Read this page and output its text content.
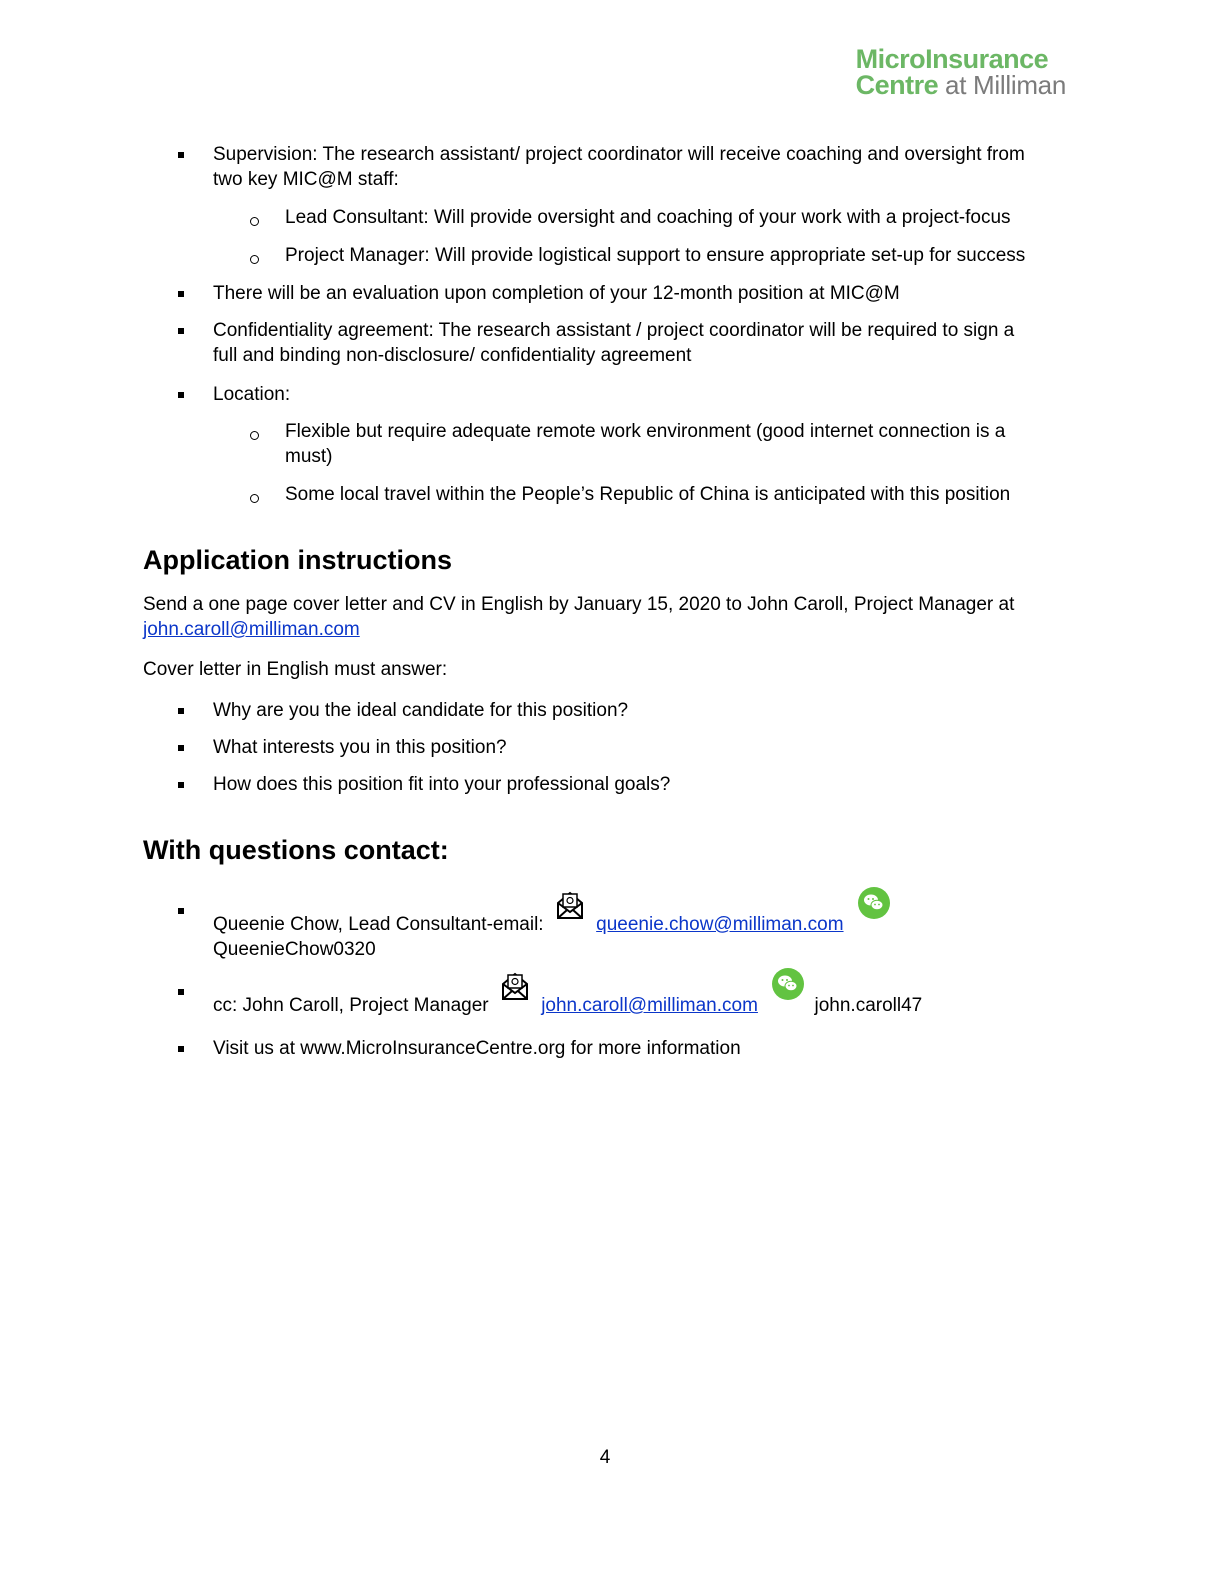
MicroInsurance
Centre at Milliman
Supervision: The research assistant/ project coordinator will receive coaching and oversight from
two key MIC@M staff:
Lead Consultant: Will provide oversight and coaching of your work with a project-focus
Project Manager: Will provide logistical support to ensure appropriate set-up for success
There will be an evaluation upon completion of your 12-month position at MIC@M
Confidentiality agreement: The research assistant / project coordinator will be required to sign a
full and binding non-disclosure/ confidentiality agreement
Location:
Flexible but require adequate remote work environment (good internet connection is a
must)
Some local travel within the People’s Republic of China is anticipated with this position
Application instructions
Send a one page cover letter and CV in English by January 15, 2020 to John Caroll, Project Manager at
john.caroll@milliman.com
Cover letter in English must answer:
Why are you the ideal candidate for this position?
What interests you in this position?
How does this position fit into your professional goals?
With questions contact:
Queenie Chow, Lead Consultant-email:	queenie.chow@milliman.com
QueenieChow0320
cc: John Caroll, Project Manager	john.caroll@milliman.com	john.caroll47
Visit us at www.MicroInsuranceCentre.org for more information
4
